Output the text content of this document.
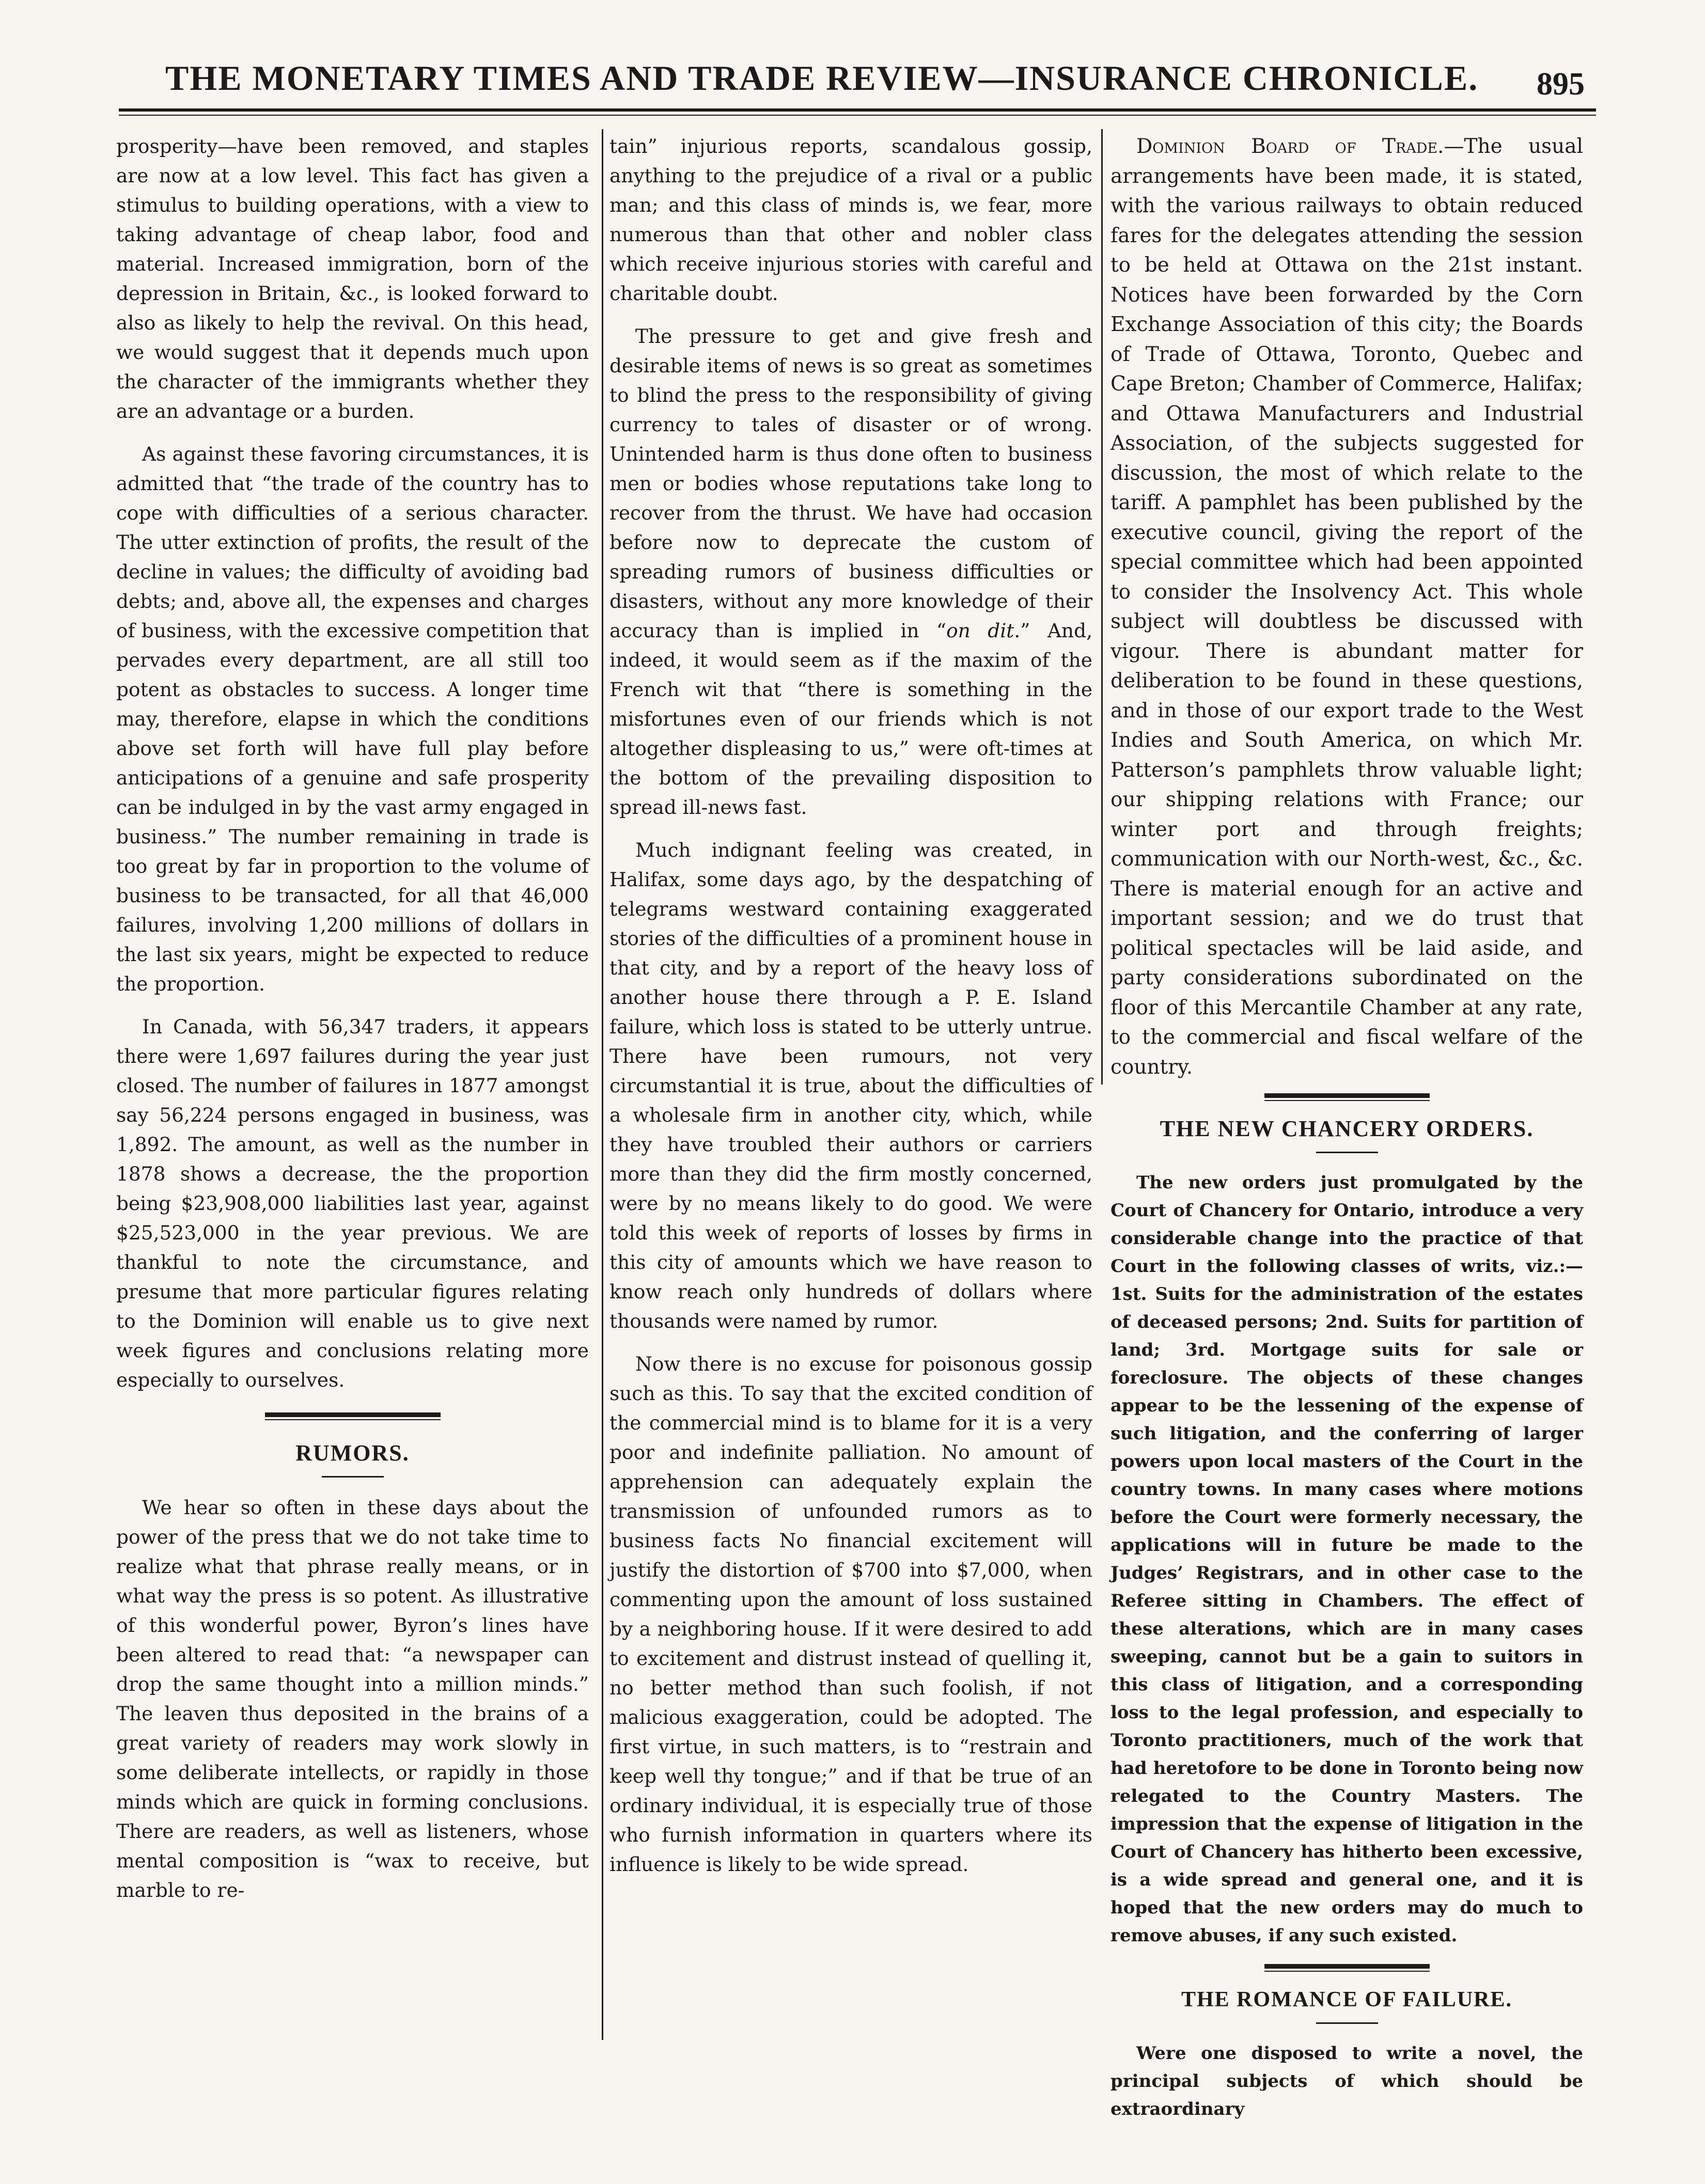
THE MONETARY TIMES AND TRADE REVIEW—INSURANCE CHRONICLE. 895

prosperity—have been removed, and staples are now at a low level. This fact has given a stimulus to building operations, with a view to taking advantage of cheap labor, food and material. Increased immigration, born of the depression in Britain, &c., is looked forward to also as likely to help the revival. On this head, we would suggest that it depends much upon the character of the immigrants whether they are an advantage or a burden.

As against these favoring circumstances, it is admitted that “the trade of the country has to cope with difficulties of a serious character. The utter extinction of profits, the result of the decline in values; the difficulty of avoiding bad debts; and, above all, the expenses and charges of business, with the excessive competition that pervades every department, are all still too potent as obstacles to success. A longer time may, therefore, elapse in which the conditions above set forth will have full play before anticipations of a genuine and safe prosperity can be indulged in by the vast army engaged in business.” The number remaining in trade is too great by far in proportion to the volume of business to be transacted, for all that 46,000 failures, involving 1,200 millions of dollars in the last six years, might be expected to reduce the proportion.

In Canada, with 56,347 traders, it appears there were 1,697 failures during the year just closed. The number of failures in 1877 amongst say 56,224 persons engaged in business, was 1,892. The amount, as well as the number in 1878 shows a decrease, the the proportion being $23,908,000 liabilities last year, against $25,523,000 in the year previous. We are thankful to note the circumstance, and presume that more particular figures relating to the Dominion will enable us to give next week figures and conclusions relating more especially to ourselves.

RUMORS.

We hear so often in these days about the power of the press that we do not take time to realize what that phrase really means, or in what way the press is so potent. As illustrative of this wonderful power, Byron’s lines have been altered to read that: “a newspaper can drop the same thought into a million minds.” The leaven thus deposited in the brains of a great variety of readers may work slowly in some deliberate intellects, or rapidly in those minds which are quick in forming conclusions. There are readers, as well as listeners, whose mental composition is “wax to receive, but marble to re-

tain” injurious reports, scandalous gossip, anything to the prejudice of a rival or a public man; and this class of minds is, we fear, more numerous than that other and nobler class which receive injurious stories with careful and charitable doubt.

The pressure to get and give fresh and desirable items of news is so great as sometimes to blind the press to the responsibility of giving currency to tales of disaster or of wrong. Unintended harm is thus done often to business men or bodies whose reputations take long to recover from the thrust. We have had occasion before now to deprecate the custom of spreading rumors of business difficulties or disasters, without any more knowledge of their accuracy than is implied in “on dit.” And, indeed, it would seem as if the maxim of the French wit that “there is something in the misfortunes even of our friends which is not altogether displeasing to us,” were oft-times at the bottom of the prevailing disposition to spread ill-news fast.

Much indignant feeling was created, in Halifax, some days ago, by the despatching of telegrams westward containing exaggerated stories of the difficulties of a prominent house in that city, and by a report of the heavy loss of another house there through a P. E. Island failure, which loss is stated to be utterly untrue. There have been rumours, not very circumstantial it is true, about the difficulties of a wholesale firm in another city, which, while they have troubled their authors or carriers more than they did the firm mostly concerned, were by no means likely to do good. We were told this week of reports of losses by firms in this city of amounts which we have reason to know reach only hundreds of dollars where thousands were named by rumor.

Now there is no excuse for poisonous gossip such as this. To say that the excited condition of the commercial mind is to blame for it is a very poor and indefinite palliation. No amount of apprehension can adequately explain the transmission of unfounded rumors as to business facts No financial excitement will justify the distortion of $700 into $7,000, when commenting upon the amount of loss sustained by a neighboring house. If it were desired to add to excitement and distrust instead of quelling it, no better method than such foolish, if not malicious exaggeration, could be adopted. The first virtue, in such matters, is to “restrain and keep well thy tongue;” and if that be true of an ordinary individual, it is especially true of those who furnish information in quarters where its influence is likely to be wide spread.

Dominion Board of Trade.—The usual arrangements have been made, it is stated, with the various railways to obtain reduced fares for the delegates attending the session to be held at Ottawa on the 21st instant. Notices have been forwarded by the Corn Exchange Association of this city; the Boards of Trade of Ottawa, Toronto, Quebec and Cape Breton; Chamber of Commerce, Halifax; and Ottawa Manufacturers and Industrial Association, of the subjects suggested for discussion, the most of which relate to the tariff. A pamphlet has been published by the executive council, giving the report of the special committee which had been appointed to consider the Insolvency Act. This whole subject will doubtless be discussed with vigour. There is abundant matter for deliberation to be found in these questions, and in those of our export trade to the West Indies and South America, on which Mr. Patterson’s pamphlets throw valuable light; our shipping relations with France; our winter port and through freights; communication with our North-west, &c., &c. There is material enough for an active and important session; and we do trust that political spectacles will be laid aside, and party considerations subordinated on the floor of this Mercantile Chamber at any rate, to the commercial and fiscal welfare of the country.

THE NEW CHANCERY ORDERS.

The new orders just promulgated by the Court of Chancery for Ontario, introduce a very considerable change into the practice of that Court in the following classes of writs, viz.:—1st. Suits for the administration of the estates of deceased persons; 2nd. Suits for partition of land; 3rd. Mortgage suits for sale or foreclosure. The objects of these changes appear to be the lessening of the expense of such litigation, and the conferring of larger powers upon local masters of the Court in the country towns. In many cases where motions before the Court were formerly necessary, the applications will in future be made to the Judges’ Registrars, and in other case to the Referee sitting in Chambers. The effect of these alterations, which are in many cases sweeping, cannot but be a gain to suitors in this class of litigation, and a corresponding loss to the legal profession, and especially to Toronto practitioners, much of the work that had heretofore to be done in Toronto being now relegated to the Country Masters. The impression that the expense of litigation in the Court of Chancery has hitherto been excessive, is a wide spread and general one, and it is hoped that the new orders may do much to remove abuses, if any such existed.

THE ROMANCE OF FAILURE.

Were one disposed to write a novel, the principal subjects of which should be extraordinary
